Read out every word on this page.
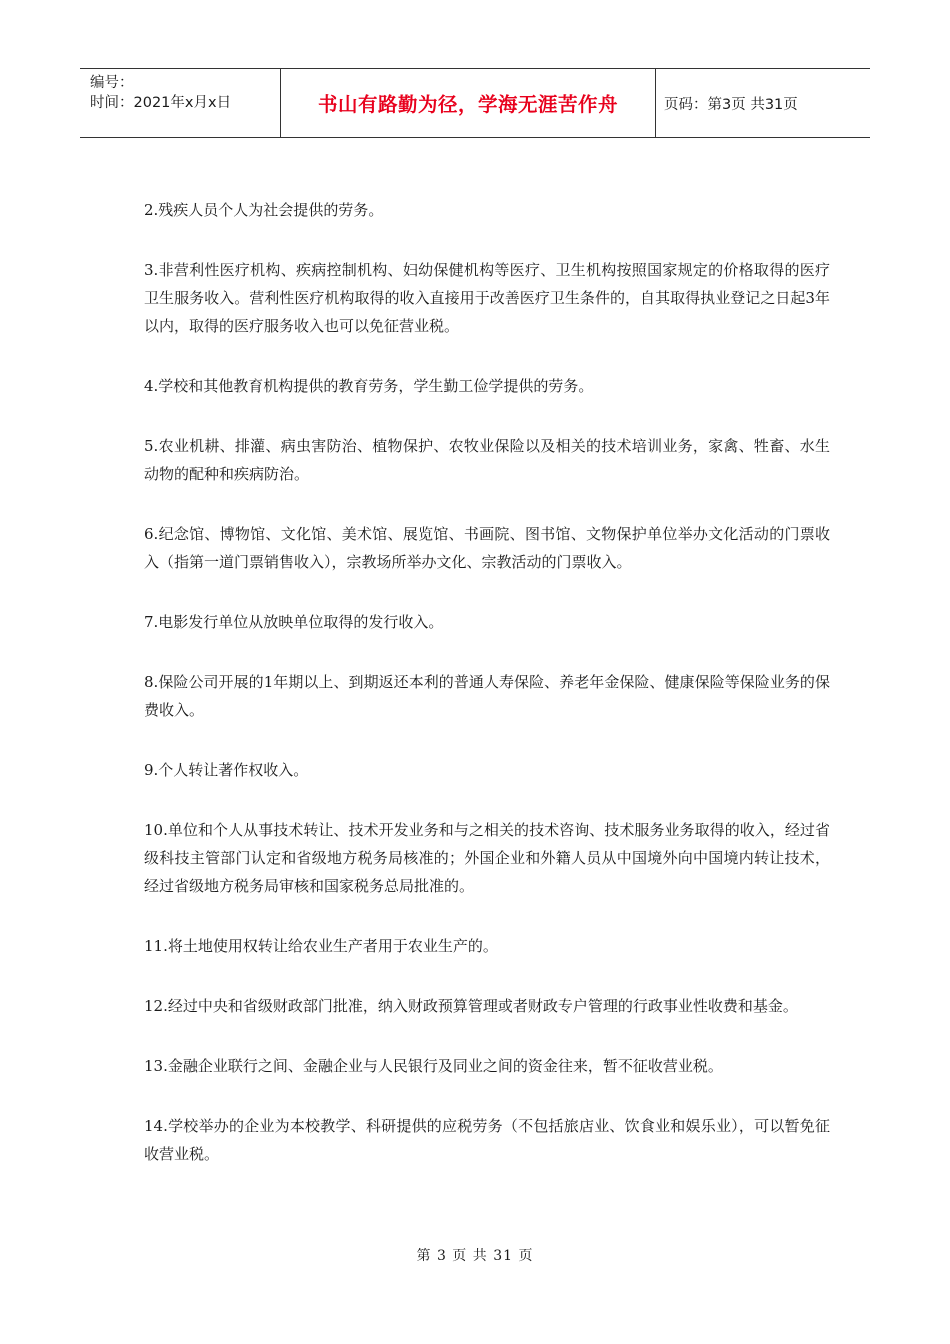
编号：
时间：2021年x月x日	书山有路勤为径，学海无涯苦作舟	页码：第3页 共31页

2.残疾人员个人为社会提供的劳务。

3.非营利性医疗机构、疾病控制机构、妇幼保健机构等医疗、卫生机构按照国家规定的价格取得的医疗卫生服务收入。营利性医疗机构取得的收入直接用于改善医疗卫生条件的，自其取得执业登记之日起3年以内，取得的医疗服务收入也可以免征营业税。

4.学校和其他教育机构提供的教育劳务，学生勤工俭学提供的劳务。

5.农业机耕、排灌、病虫害防治、植物保护、农牧业保险以及相关的技术培训业务，家禽、牲畜、水生动物的配种和疾病防治。

6.纪念馆、博物馆、文化馆、美术馆、展览馆、书画院、图书馆、文物保护单位举办文化活动的门票收入（指第一道门票销售收入），宗教场所举办文化、宗教活动的门票收入。

7.电影发行单位从放映单位取得的发行收入。

8.保险公司开展的1年期以上、到期返还本利的普通人寿保险、养老年金保险、健康保险等保险业务的保费收入。

9.个人转让著作权收入。

10.单位和个人从事技术转让、技术开发业务和与之相关的技术咨询、技术服务业务取得的收入，经过省级科技主管部门认定和省级地方税务局核准的；外国企业和外籍人员从中国境外向中国境内转让技术，经过省级地方税务局审核和国家税务总局批准的。

11.将土地使用权转让给农业生产者用于农业生产的。

12.经过中央和省级财政部门批准，纳入财政预算管理或者财政专户管理的行政事业性收费和基金。

13.金融企业联行之间、金融企业与人民银行及同业之间的资金往来，暂不征收营业税。

14.学校举办的企业为本校教学、科研提供的应税劳务（不包括旅店业、饮食业和娱乐业），可以暂免征收营业税。

第 3 页 共 31 页
